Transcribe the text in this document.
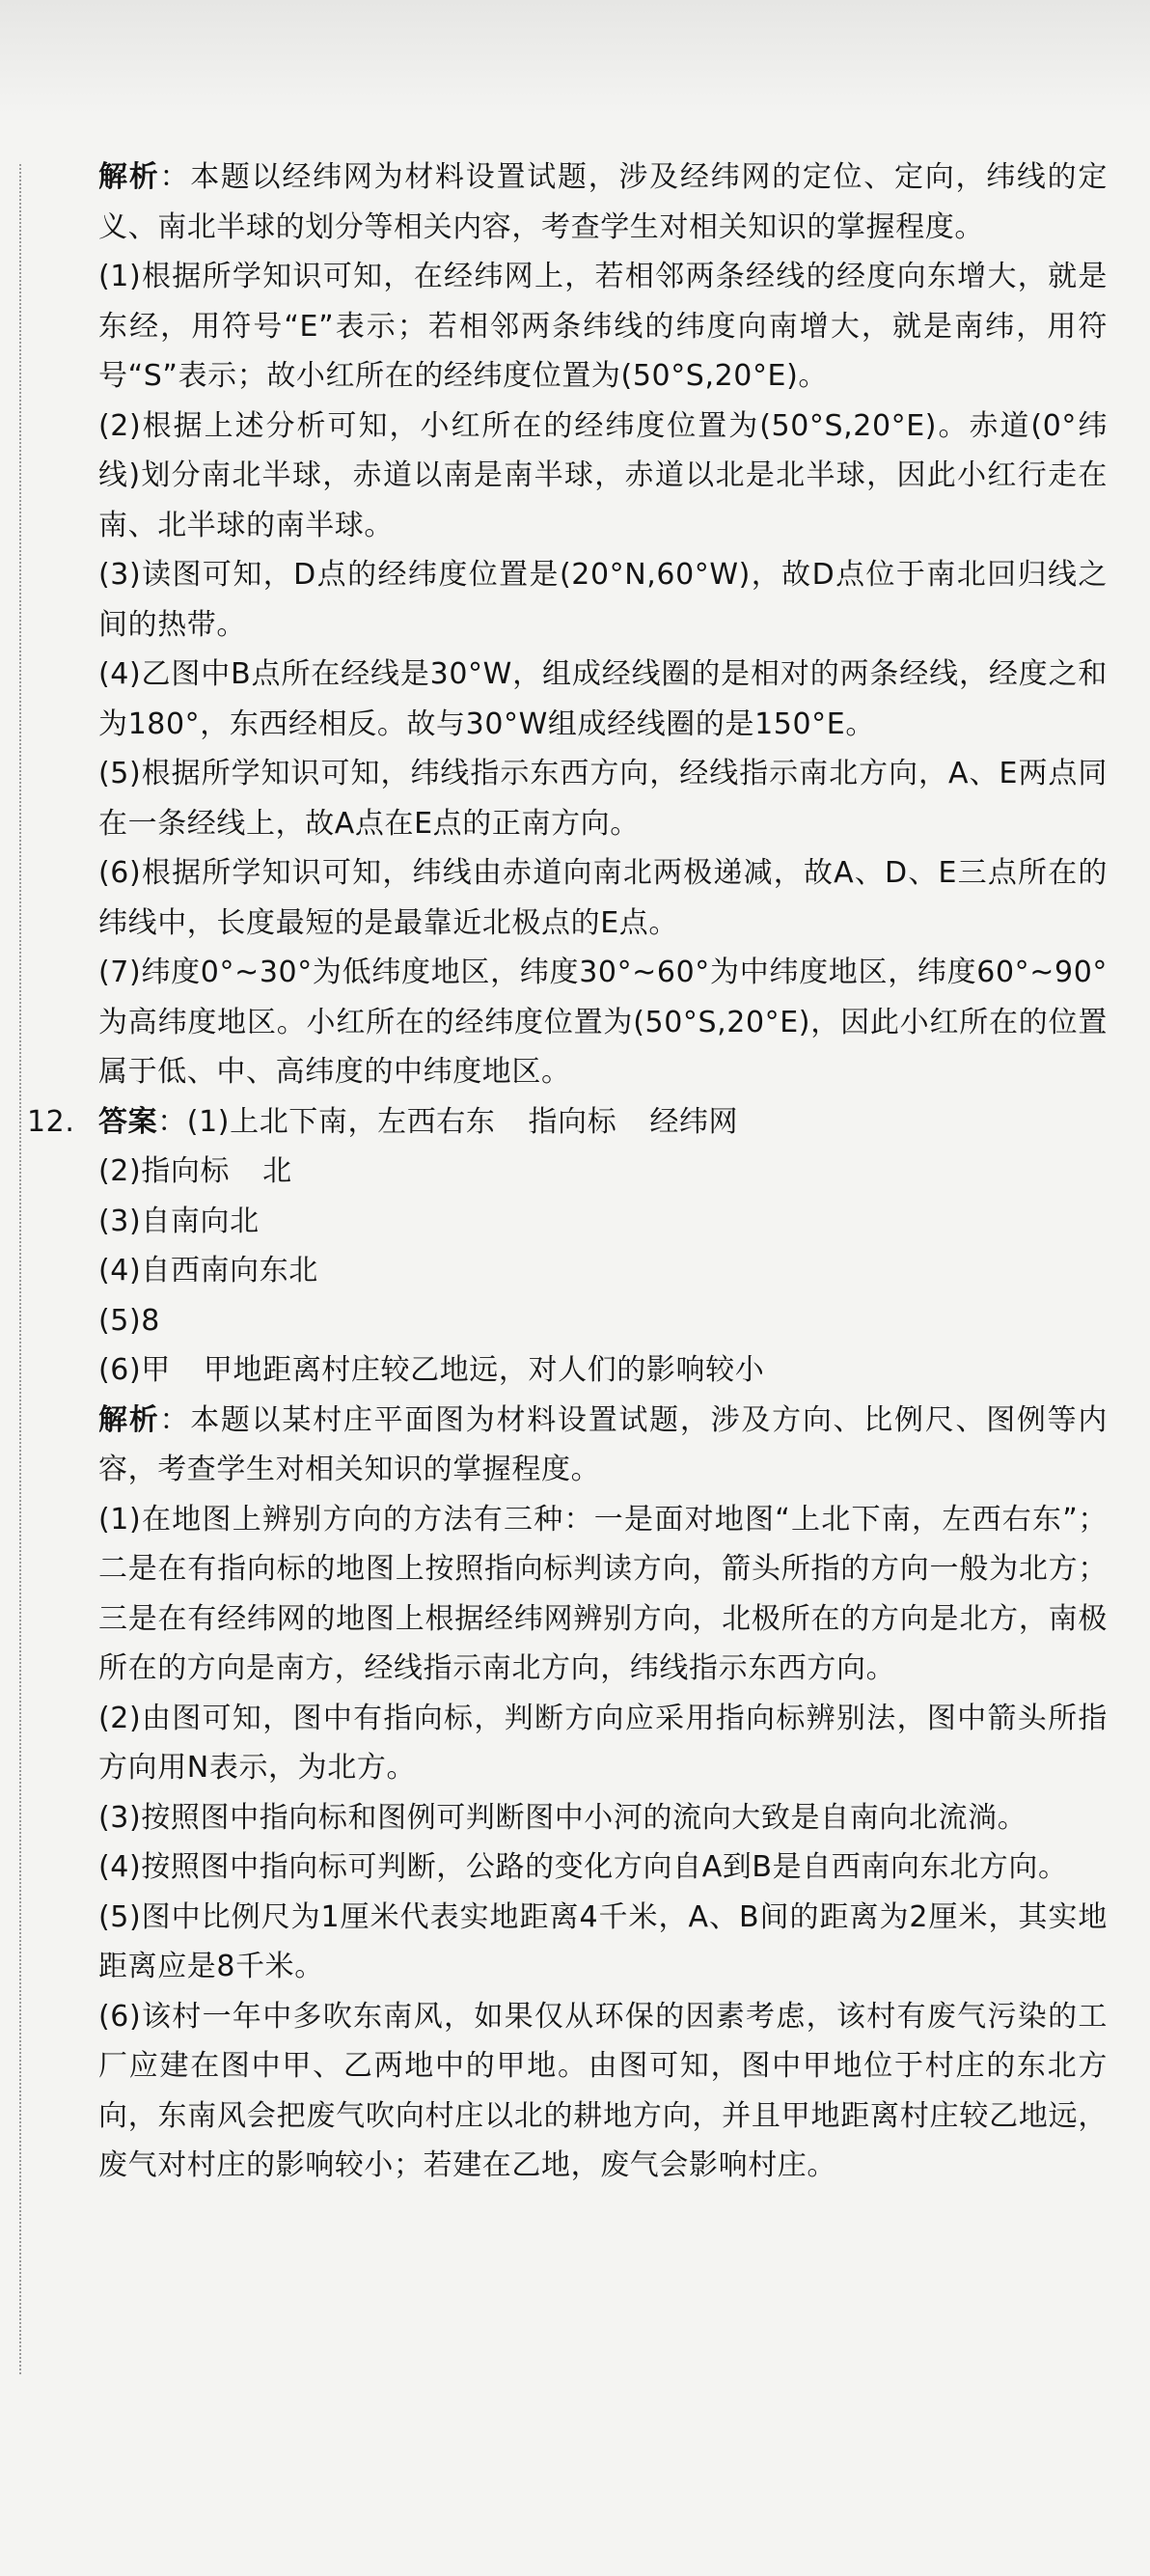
解析：本题以经纬网为材料设置试题，涉及经纬网的定位、定向，纬线的定义、南北半球的划分等相关内容，考查学生对相关知识的掌握程度。

(1)根据所学知识可知，在经纬网上，若相邻两条经线的经度向东增大，就是东经，用符号“E”表示；若相邻两条纬线的纬度向南增大，就是南纬，用符号“S”表示；故小红所在的经纬度位置为(50°S,20°E)。

(2)根据上述分析可知，小红所在的经纬度位置为(50°S,20°E)。赤道(0°纬线)划分南北半球，赤道以南是南半球，赤道以北是北半球，因此小红行走在南、北半球的南半球。

(3)读图可知，D点的经纬度位置是(20°N,60°W)，故D点位于南北回归线之间的热带。

(4)乙图中B点所在经线是30°W，组成经线圈的是相对的两条经线，经度之和为180°，东西经相反。故与30°W组成经线圈的是150°E。

(5)根据所学知识可知，纬线指示东西方向，经线指示南北方向，A、E两点同在一条经线上，故A点在E点的正南方向。

(6)根据所学知识可知，纬线由赤道向南北两极递减，故A、D、E三点所在的纬线中，长度最短的是最靠近北极点的E点。

(7)纬度0°~30°为低纬度地区，纬度30°~60°为中纬度地区，纬度60°~90°为高纬度地区。小红所在的经纬度位置为(50°S,20°E)，因此小红所在的位置属于低、中、高纬度的中纬度地区。

12. 答案：(1)上北下南，左西右东 指向标 经纬网

(2)指向标 北

(3)自南向北

(4)自西南向东北

(5)8

(6)甲 甲地距离村庄较乙地远，对人们的影响较小

解析：本题以某村庄平面图为材料设置试题，涉及方向、比例尺、图例等内容，考查学生对相关知识的掌握程度。

(1)在地图上辨别方向的方法有三种：一是面对地图“上北下南，左西右东”；二是在有指向标的地图上按照指向标判读方向，箭头所指的方向一般为北方；三是在有经纬网的地图上根据经纬网辨别方向，北极所在的方向是北方，南极所在的方向是南方，经线指示南北方向，纬线指示东西方向。

(2)由图可知，图中有指向标，判断方向应采用指向标辨别法，图中箭头所指方向用N表示，为北方。

(3)按照图中指向标和图例可判断图中小河的流向大致是自南向北流淌。

(4)按照图中指向标可判断，公路的变化方向自A到B是自西南向东北方向。

(5)图中比例尺为1厘米代表实地距离4千米，A、B间的距离为2厘米，其实地距离应是8千米。

(6)该村一年中多吹东南风，如果仅从环保的因素考虑，该村有废气污染的工厂应建在图中甲、乙两地中的甲地。由图可知，图中甲地位于村庄的东北方向，东南风会把废气吹向村庄以北的耕地方向，并且甲地距离村庄较乙地远，废气对村庄的影响较小；若建在乙地，废气会影响村庄。
